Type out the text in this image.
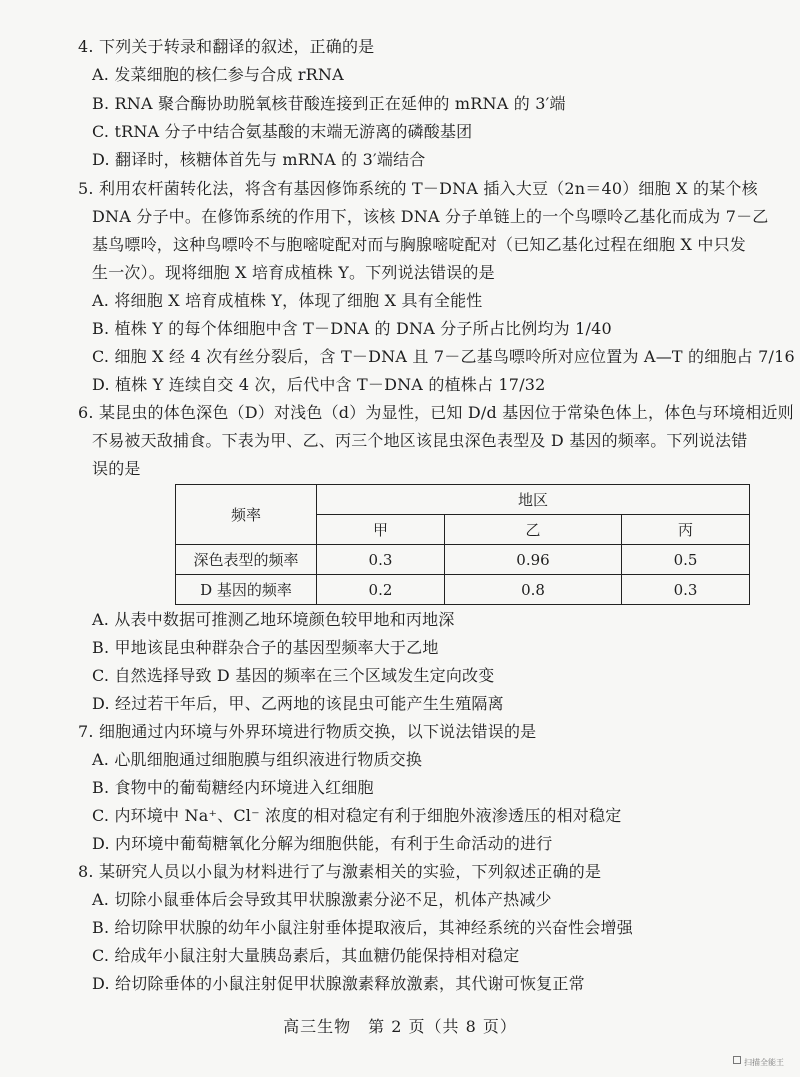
4. 下列关于转录和翻译的叙述，正确的是
A. 发菜细胞的核仁参与合成 rRNA
B. RNA 聚合酶协助脱氧核苷酸连接到正在延伸的 mRNA 的 3′端
C. tRNA 分子中结合氨基酸的末端无游离的磷酸基团
D. 翻译时，核糖体首先与 mRNA 的 3′端结合
5. 利用农杆菌转化法，将含有基因修饰系统的 T－DNA 插入大豆（2n＝40）细胞 X 的某个核
DNA 分子中。在修饰系统的作用下，该核 DNA 分子单链上的一个鸟嘌呤乙基化而成为 7－乙
基鸟嘌呤，这种鸟嘌呤不与胞嘧啶配对而与胸腺嘧啶配对（已知乙基化过程在细胞 X 中只发
生一次）。现将细胞 X 培育成植株 Y。下列说法错误的是
A. 将细胞 X 培育成植株 Y，体现了细胞 X 具有全能性
B. 植株 Y 的每个体细胞中含 T－DNA 的 DNA 分子所占比例均为 1/40
C. 细胞 X 经 4 次有丝分裂后，含 T－DNA 且 7－乙基鸟嘌呤所对应位置为 A—T 的细胞占 7/16
D. 植株 Y 连续自交 4 次，后代中含 T－DNA 的植株占 17/32
6. 某昆虫的体色深色（D）对浅色（d）为显性，已知 D/d 基因位于常染色体上，体色与环境相近则
不易被天敌捕食。下表为甲、乙、丙三个地区该昆虫深色表型及 D 基因的频率。下列说法错
误的是
频率	地区		
	甲	乙	丙
深色表型的频率	0.3	0.96	0.5
D 基因的频率	0.2	0.8	0.3
A. 从表中数据可推测乙地环境颜色较甲地和丙地深
B. 甲地该昆虫种群杂合子的基因型频率大于乙地
C. 自然选择导致 D 基因的频率在三个区域发生定向改变
D. 经过若干年后，甲、乙两地的该昆虫可能产生生殖隔离
7. 细胞通过内环境与外界环境进行物质交换，以下说法错误的是
A. 心肌细胞通过细胞膜与组织液进行物质交换
B. 食物中的葡萄糖经内环境进入红细胞
C. 内环境中 Na⁺、Cl⁻ 浓度的相对稳定有利于细胞外液渗透压的相对稳定
D. 内环境中葡萄糖氧化分解为细胞供能，有利于生命活动的进行
8. 某研究人员以小鼠为材料进行了与激素相关的实验，下列叙述正确的是
A. 切除小鼠垂体后会导致其甲状腺激素分泌不足，机体产热减少
B. 给切除甲状腺的幼年小鼠注射垂体提取液后，其神经系统的兴奋性会增强
C. 给成年小鼠注射大量胰岛素后，其血糖仍能保持相对稳定
D. 给切除垂体的小鼠注射促甲状腺激素释放激素，其代谢可恢复正常
高三生物　第 2 页（共 8 页）
扫描全能王
